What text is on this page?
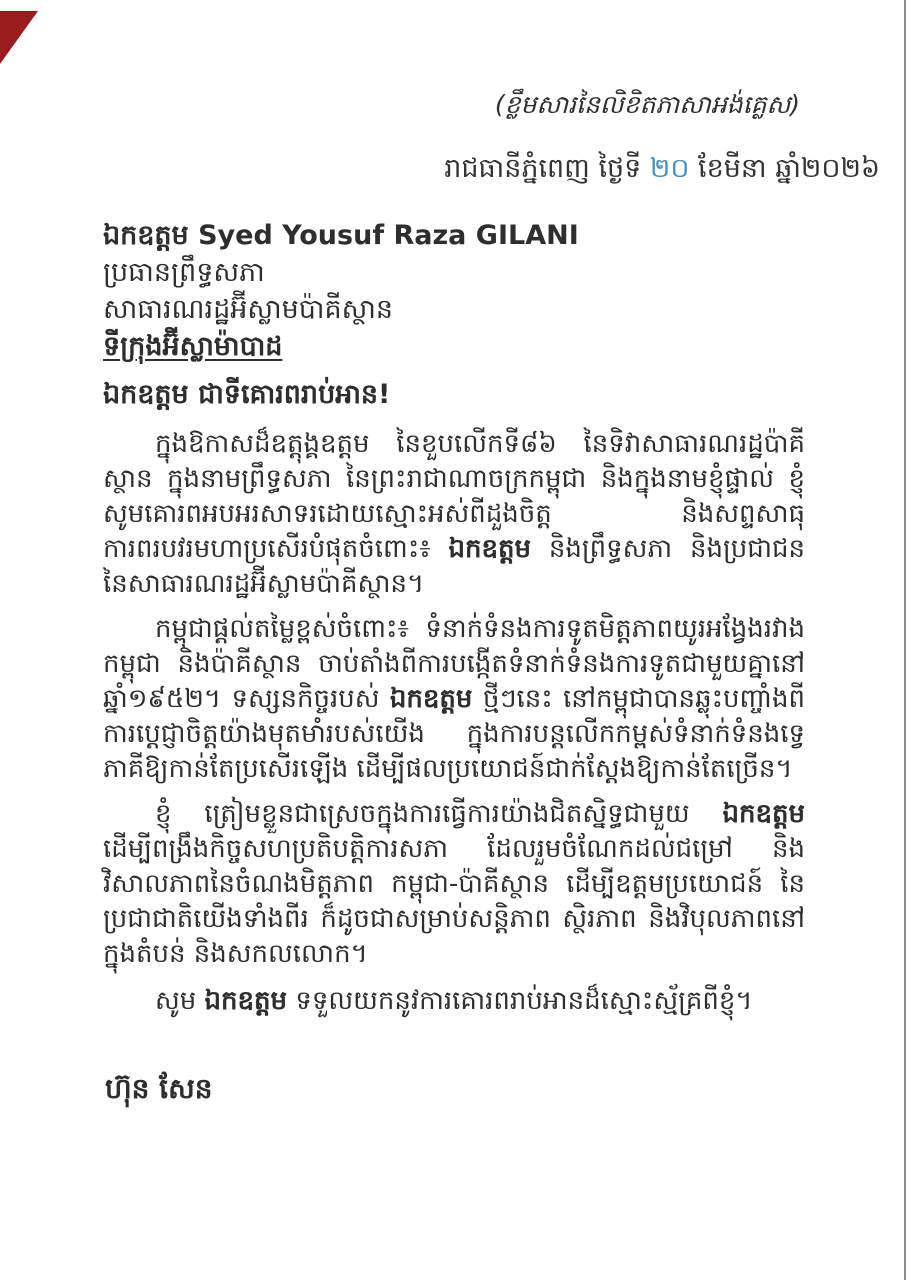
(ខ្លឹមសារនៃលិខិតភាសាអង់គ្លេស)
រាជធានីភ្នំពេញ ថ្ងៃទី ២០ ខែមីនា ឆ្នាំ២០២៦
ឯកឧត្តម Syed Yousuf Raza GILANI
ប្រធានព្រឹទ្ធសភា
សាធារណរដ្ឋអ៊ីស្លាមប៉ាគីស្ថាន
ទីក្រុងអ៊ីស្លាម៉ាបាដ
ឯកឧត្តម ជាទីគោរពរាប់អាន!
ក្នុងឱកាសដ៏ឧត្តុង្គឧត្តម នៃខួបលើកទី៨៦ នៃទិវាសាធារណរដ្ឋប៉ាគីស្ថាន ក្នុងនាមព្រឹទ្ធសភា នៃព្រះរាជាណាចក្រកម្ពុជា និងក្នុងនាមខ្ញុំផ្ទាល់ ខ្ញុំសូមគោរពអបអរសាទរដោយស្មោះអស់ពីដួងចិត្ត និងសព្ទសាធុការពរបវរមហាប្រសើរបំផុតចំពោះ៖ ឯកឧត្តម និងព្រឹទ្ធសភា និងប្រជាជន នៃសាធារណរដ្ឋអ៊ីស្លាមប៉ាគីស្ថាន។
កម្ពុជាផ្តល់តម្លៃខ្ពស់ចំពោះ៖ ទំនាក់ទំនងការទូតមិត្តភាពយូរអង្វែងរវាងកម្ពុជា និងប៉ាគីស្ថាន ចាប់តាំងពីការបង្កើតទំនាក់ទំនងការទូតជាមួយគ្នានៅឆ្នាំ១៩៥២។ ទស្សនកិច្ចរបស់ ឯកឧត្តម ថ្មីៗនេះ នៅកម្ពុជាបានឆ្លុះបញ្ចាំងពីការប្តេជ្ញាចិត្តយ៉ាងមុតមាំរបស់យើង ក្នុងការបន្តលើកកម្ពស់ទំនាក់ទំនងទ្វេភាគីឱ្យកាន់តែប្រសើរឡើង ដើម្បីផលប្រយោជន៍ជាក់ស្តែងឱ្យកាន់តែច្រើន។
ខ្ញុំ ត្រៀមខ្លួនជាស្រេចក្នុងការធ្វើការយ៉ាងជិតស្និទ្ធជាមួយ ឯកឧត្តម ដើម្បីពង្រឹងកិច្ចសហប្រតិបត្តិការសភា ដែលរួមចំណែកដល់ជម្រៅ និងវិសាលភាពនៃចំណងមិត្តភាព កម្ពុជា-ប៉ាគីស្ថាន ដើម្បីឧត្តមប្រយោជន៍ នៃប្រជាជាតិយើងទាំងពីរ ក៏ដូចជាសម្រាប់សន្តិភាព ស្ថិរភាព និងវិបុលភាពនៅក្នុងតំបន់ និងសកលលោក។
សូម ឯកឧត្តម ទទួលយកនូវការគោរពរាប់អានដ៏ស្មោះស្ម័គ្រពីខ្ញុំ។
ហ៊ុន សែន
